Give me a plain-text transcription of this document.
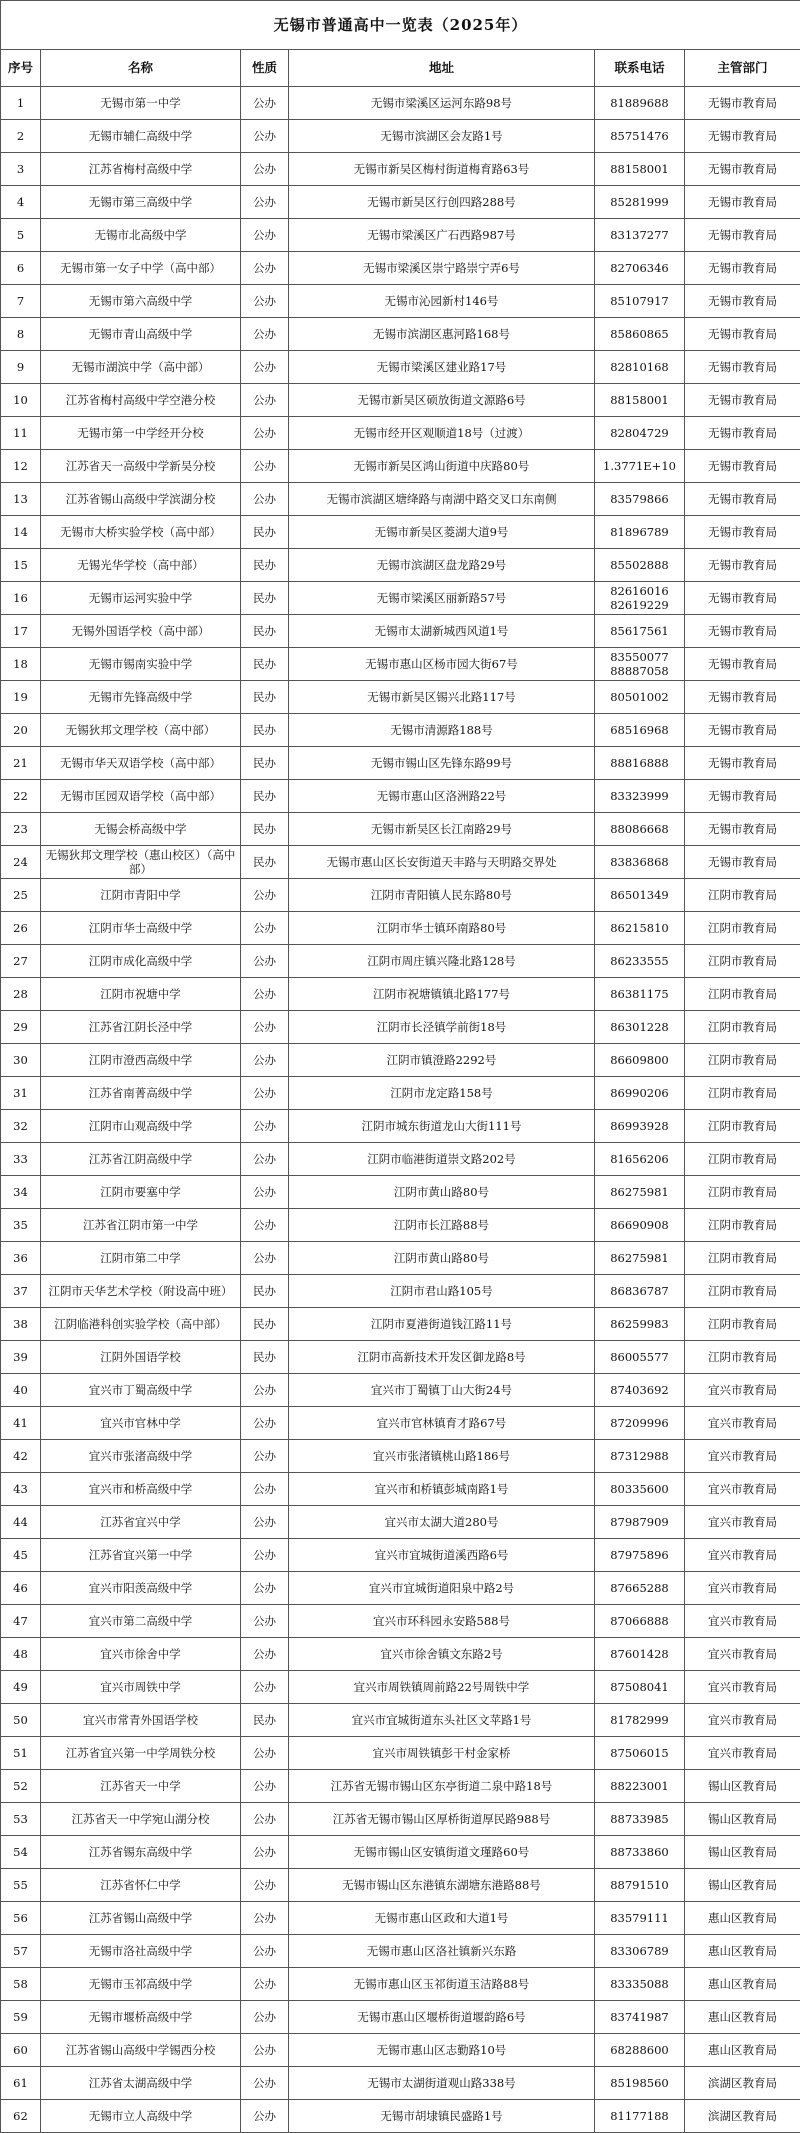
无锡市普通高中一览表（2025年）					
序号	名称	性质	地址	联系电话	主管部门
1	无锡市第一中学	公办	无锡市梁溪区运河东路98号	81889688	无锡市教育局
2	无锡市辅仁高级中学	公办	无锡市滨湖区会友路1号	85751476	无锡市教育局
3	江苏省梅村高级中学	公办	无锡市新吴区梅村街道梅育路63号	88158001	无锡市教育局
4	无锡市第三高级中学	公办	无锡市新吴区行创四路288号	85281999	无锡市教育局
5	无锡市北高级中学	公办	无锡市梁溪区广石西路987号	83137277	无锡市教育局
6	无锡市第一女子中学（高中部）	公办	无锡市梁溪区崇宁路崇宁弄6号	82706346	无锡市教育局
7	无锡市第六高级中学	公办	无锡市沁园新村146号	85107917	无锡市教育局
8	无锡市青山高级中学	公办	无锡市滨湖区惠河路168号	85860865	无锡市教育局
9	无锡市湖滨中学（高中部）	公办	无锡市梁溪区建业路17号	82810168	无锡市教育局
10	江苏省梅村高级中学空港分校	公办	无锡市新吴区硕放街道文源路6号	88158001	无锡市教育局
11	无锡市第一中学经开分校	公办	无锡市经开区观顺道18号（过渡）	82804729	无锡市教育局
12	江苏省天一高级中学新吴分校	公办	无锡市新吴区鸿山街道中庆路80号	1.3771E+10	无锡市教育局
13	江苏省锡山高级中学滨湖分校	公办	无锡市滨湖区塘绛路与南湖中路交叉口东南侧	83579866	无锡市教育局
14	无锡市大桥实验学校（高中部）	民办	无锡市新吴区菱湖大道9号	81896789	无锡市教育局
15	无锡光华学校（高中部）	民办	无锡市滨湖区盘龙路29号	85502888	无锡市教育局
16	无锡市运河实验中学	民办	无锡市梁溪区丽新路57号	82616016 82619229	无锡市教育局
17	无锡外国语学校（高中部）	民办	无锡市太湖新城西风道1号	85617561	无锡市教育局
18	无锡市锡南实验中学	民办	无锡市惠山区杨市园大街67号	83550077 88887058	无锡市教育局
19	无锡市先锋高级中学	民办	无锡市新吴区锡兴北路117号	80501002	无锡市教育局
20	无锡狄邦文理学校（高中部）	民办	无锡市清源路188号	68516968	无锡市教育局
21	无锡市华天双语学校（高中部）	民办	无锡市锡山区先锋东路99号	88816888	无锡市教育局
22	无锡市匡园双语学校（高中部）	民办	无锡市惠山区洛洲路22号	83323999	无锡市教育局
23	无锡会桥高级中学	民办	无锡市新吴区长江南路29号	88086668	无锡市教育局
24	无锡狄邦文理学校（惠山校区）（高中部）	民办	无锡市惠山区长安街道天丰路与天明路交界处	83836868	无锡市教育局
25	江阴市青阳中学	公办	江阴市青阳镇人民东路80号	86501349	江阴市教育局
26	江阴市华士高级中学	公办	江阴市华士镇环南路80号	86215810	江阴市教育局
27	江阴市成化高级中学	公办	江阴市周庄镇兴隆北路128号	86233555	江阴市教育局
28	江阴市祝塘中学	公办	江阴市祝塘镇镇北路177号	86381175	江阴市教育局
29	江苏省江阴长泾中学	公办	江阴市长泾镇学前街18号	86301228	江阴市教育局
30	江阴市澄西高级中学	公办	江阴市镇澄路2292号	86609800	江阴市教育局
31	江苏省南菁高级中学	公办	江阴市龙定路158号	86990206	江阴市教育局
32	江阴市山观高级中学	公办	江阴市城东街道龙山大街111号	86993928	江阴市教育局
33	江苏省江阴高级中学	公办	江阴市临港街道崇文路202号	81656206	江阴市教育局
34	江阴市要塞中学	公办	江阴市黄山路80号	86275981	江阴市教育局
35	江苏省江阴市第一中学	公办	江阴市长江路88号	86690908	江阴市教育局
36	江阴市第二中学	公办	江阴市黄山路80号	86275981	江阴市教育局
37	江阴市天华艺术学校（附设高中班）	民办	江阴市君山路105号	86836787	江阴市教育局
38	江阴临港科创实验学校（高中部）	民办	江阴市夏港街道钱江路11号	86259983	江阴市教育局
39	江阴外国语学校	民办	江阴市高新技术开发区御龙路8号	86005577	江阴市教育局
40	宜兴市丁蜀高级中学	公办	宜兴市丁蜀镇丁山大街24号	87403692	宜兴市教育局
41	宜兴市官林中学	公办	宜兴市官林镇育才路67号	87209996	宜兴市教育局
42	宜兴市张渚高级中学	公办	宜兴市张渚镇桃山路186号	87312988	宜兴市教育局
43	宜兴市和桥高级中学	公办	宜兴市和桥镇彭城南路1号	80335600	宜兴市教育局
44	江苏省宜兴中学	公办	宜兴市太湖大道280号	87987909	宜兴市教育局
45	江苏省宜兴第一中学	公办	宜兴市宜城街道溪西路6号	87975896	宜兴市教育局
46	宜兴市阳羡高级中学	公办	宜兴市宜城街道阳泉中路2号	87665288	宜兴市教育局
47	宜兴市第二高级中学	公办	宜兴市环科园永安路588号	87066888	宜兴市教育局
48	宜兴市徐舍中学	公办	宜兴市徐舍镇文东路2号	87601428	宜兴市教育局
49	宜兴市周铁中学	公办	宜兴市周铁镇周前路22号周铁中学	87508041	宜兴市教育局
50	宜兴市常青外国语学校	民办	宜兴市宜城街道东头社区文苹路1号	81782999	宜兴市教育局
51	江苏省宜兴第一中学周铁分校	公办	宜兴市周铁镇彭干村金家桥	87506015	宜兴市教育局
52	江苏省天一中学	公办	江苏省无锡市锡山区东亭街道二泉中路18号	88223001	锡山区教育局
53	江苏省天一中学宛山湖分校	公办	江苏省无锡市锡山区厚桥街道厚民路988号	88733985	锡山区教育局
54	江苏省锡东高级中学	公办	无锡市锡山区安镇街道文瑾路60号	88733860	锡山区教育局
55	江苏省怀仁中学	公办	无锡市锡山区东港镇东湖塘东港路88号	88791510	锡山区教育局
56	江苏省锡山高级中学	公办	无锡市惠山区政和大道1号	83579111	惠山区教育局
57	无锡市洛社高级中学	公办	无锡市惠山区洛社镇新兴东路	83306789	惠山区教育局
58	无锡市玉祁高级中学	公办	无锡市惠山区玉祁街道玉洁路88号	83335088	惠山区教育局
59	无锡市堰桥高级中学	公办	无锡市惠山区堰桥街道堰韵路6号	83741987	惠山区教育局
60	江苏省锡山高级中学锡西分校	公办	无锡市惠山区志勤路10号	68288600	惠山区教育局
61	江苏省太湖高级中学	公办	无锡市太湖街道观山路338号	85198560	滨湖区教育局
62	无锡市立人高级中学	公办	无锡市胡埭镇民盛路1号	81177188	滨湖区教育局
